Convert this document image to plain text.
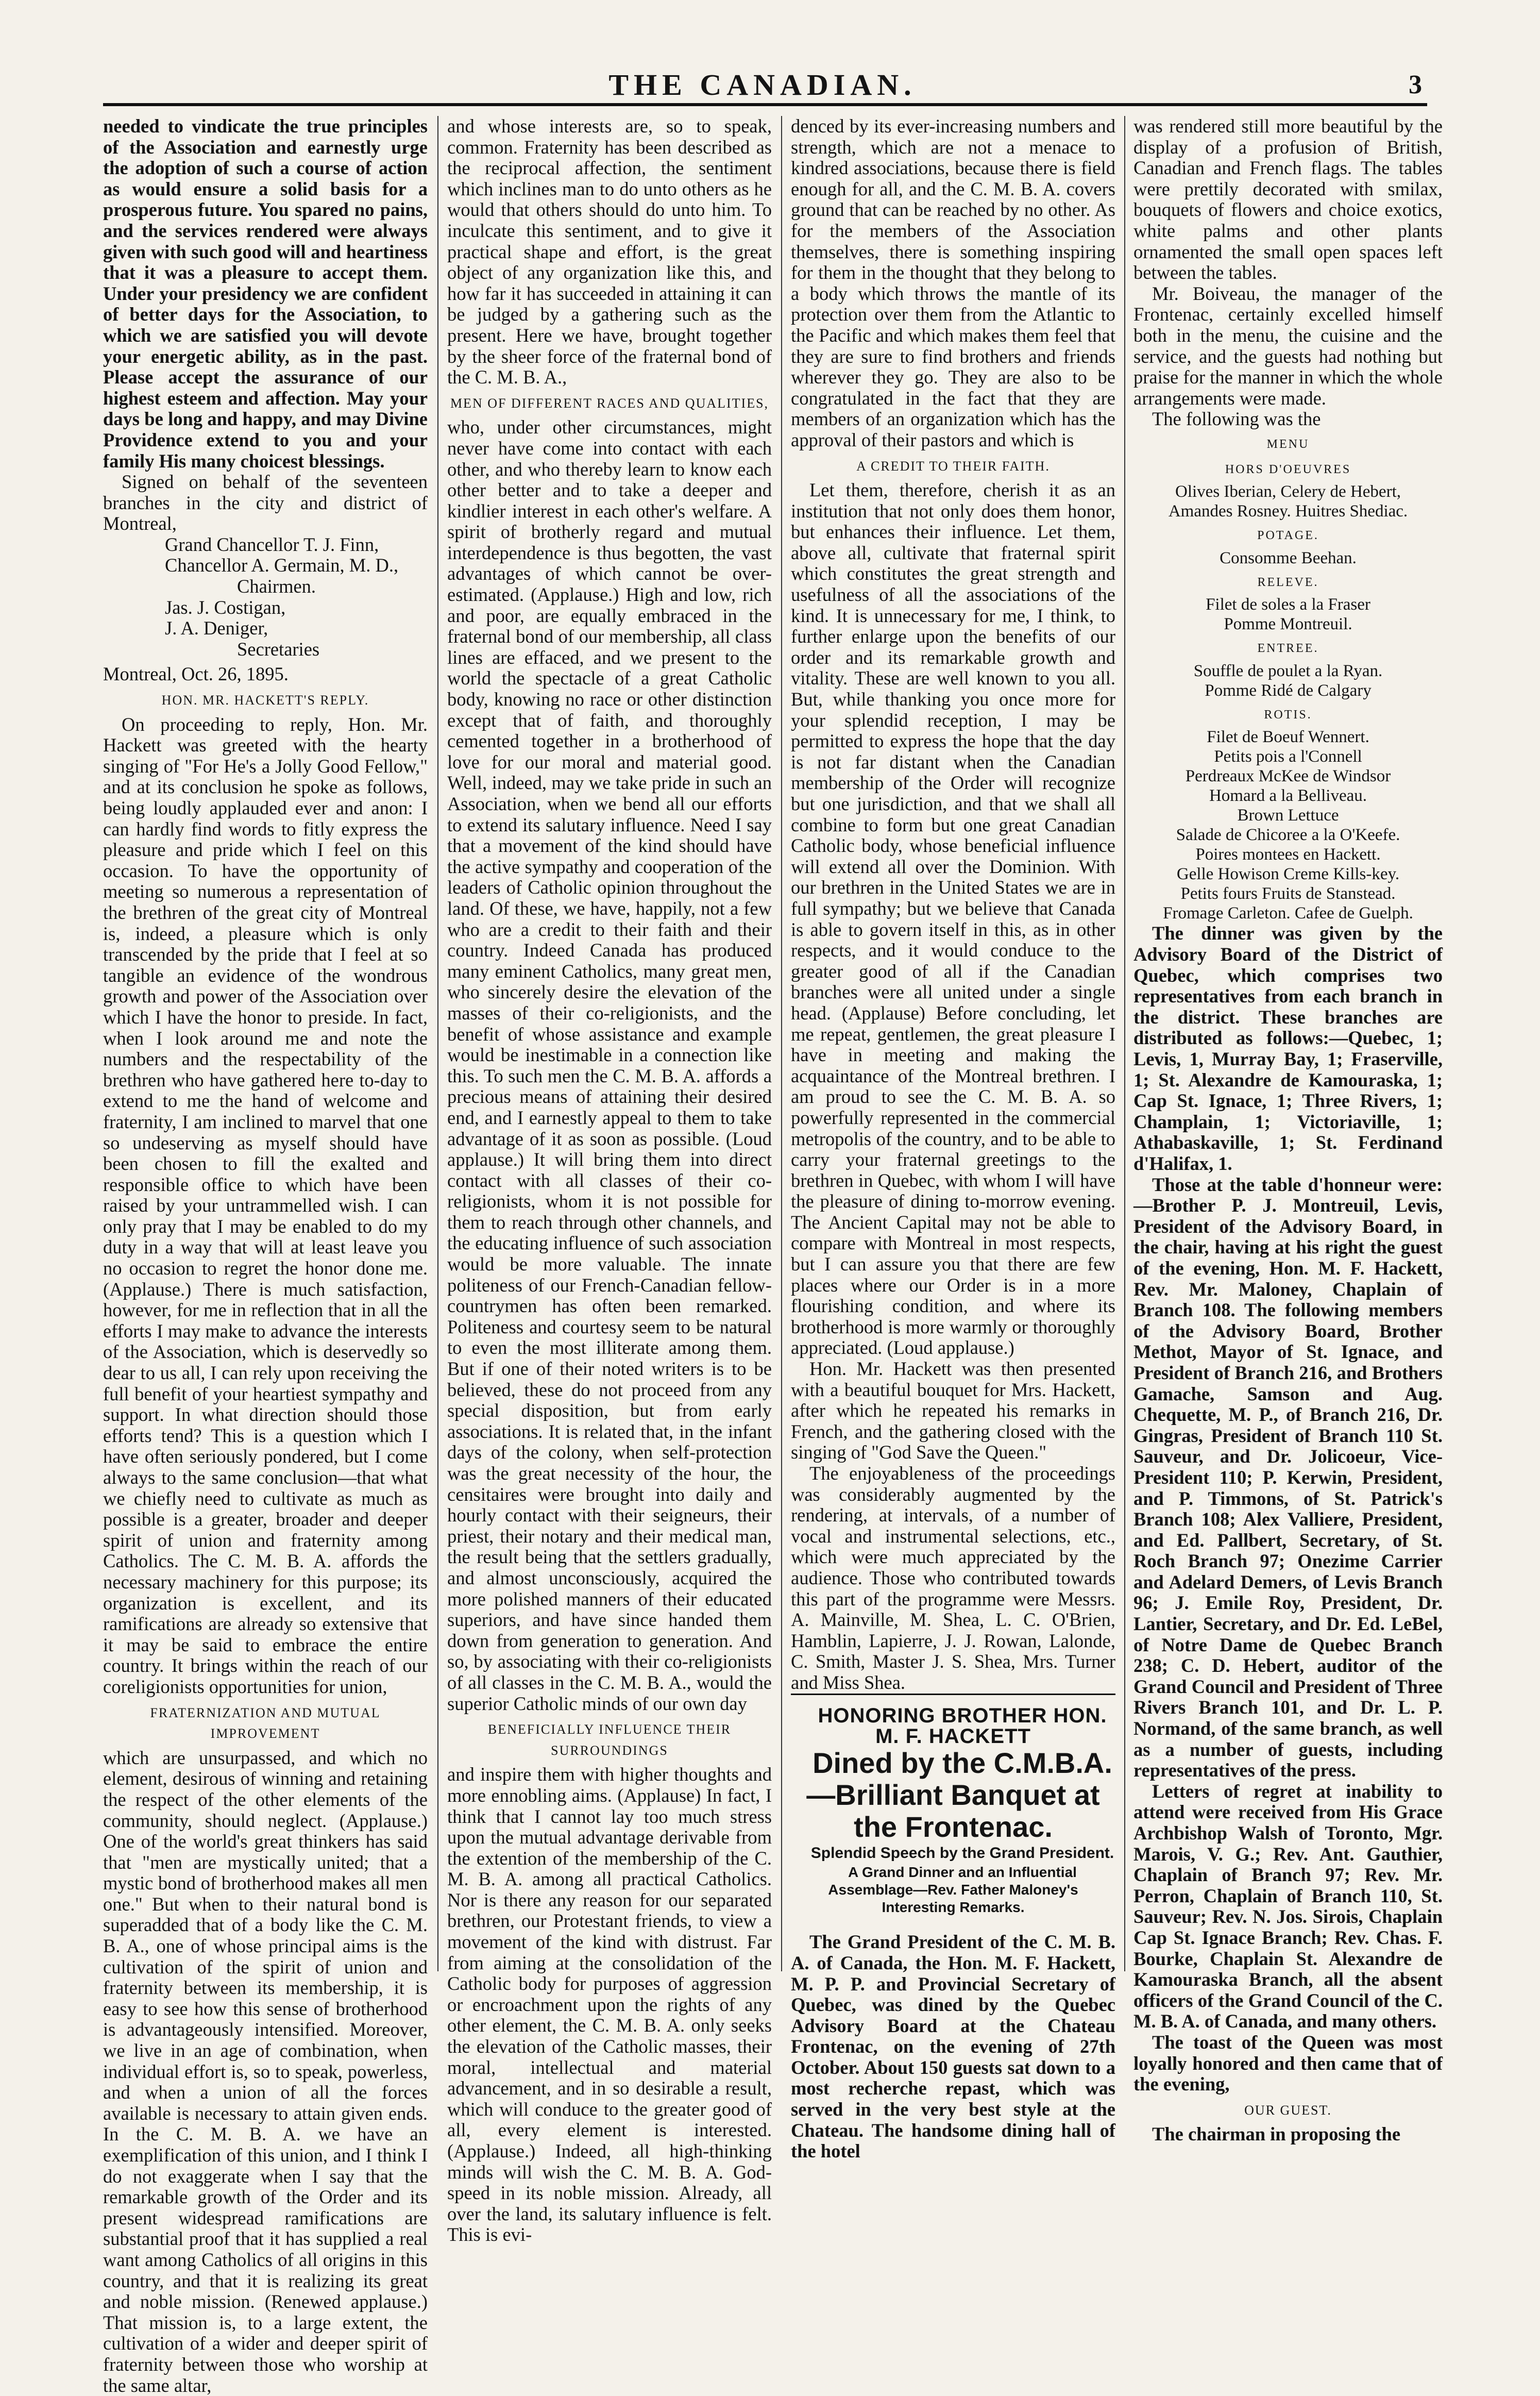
THE CANADIAN.	3

needed to vindicate the true principles of the Association and earnestly urge the adoption of such a course of action as would ensure a solid basis for a prosperous future. You spared no pains, and the services rendered were always given with such good will and heartiness that it was a pleasure to accept them. Under your presidency we are confident of better days for the Association, to which we are satisfied you will devote your energetic ability, as in the past. Please accept the assurance of our highest esteem and affection. May your days be long and happy, and may Divine Providence extend to you and your family His many choicest blessings.

Signed on behalf of the seventeen branches in the city and district of Montreal,

Grand Chancellor T. J. Finn,

Chancellor A. Germain, M. D.,

Chairmen.

Jas. J. Costigan,

J. A. Deniger,

Secretaries

Montreal, Oct. 26, 1895.

HON. MR. HACKETT'S REPLY.

On proceeding to reply, Hon. Mr. Hackett was greeted with the hearty singing of "For He's a Jolly Good Fellow," and at its conclusion he spoke as follows, being loudly applauded ever and anon: I can hardly find words to fitly express the pleasure and pride which I feel on this occasion. To have the opportunity of meeting so numerous a representation of the brethren of the great city of Montreal is, indeed, a pleasure which is only transcended by the pride that I feel at so tangible an evidence of the wondrous growth and power of the Association over which I have the honor to preside. In fact, when I look around me and note the numbers and the respectability of the brethren who have gathered here to-day to extend to me the hand of welcome and fraternity, I am inclined to marvel that one so undeserving as myself should have been chosen to fill the exalted and responsible office to which have been raised by your untrammelled wish. I can only pray that I may be enabled to do my duty in a way that will at least leave you no occasion to regret the honor done me. (Applause.) There is much satisfaction, however, for me in reflection that in all the efforts I may make to advance the interests of the Association, which is deservedly so dear to us all, I can rely upon receiving the full benefit of your heartiest sympathy and support. In what direction should those efforts tend? This is a question which I have often seriously pondered, but I come always to the same conclusion—that what we chiefly need to cultivate as much as possible is a greater, broader and deeper spirit of union and fraternity among Catholics. The C. M. B. A. affords the necessary machinery for this purpose; its organization is excellent, and its ramifications are already so extensive that it may be said to embrace the entire country. It brings within the reach of our coreligionists opportunities for union,

FRATERNIZATION AND MUTUAL IMPROVEMENT

which are unsurpassed, and which no element, desirous of winning and retaining the respect of the other elements of the community, should neglect. (Applause.) One of the world's great thinkers has said that "men are mystically united; that a mystic bond of brotherhood makes all men one." But when to their natural bond is superadded that of a body like the C. M. B. A., one of whose principal aims is the cultivation of the spirit of union and fraternity between its membership, it is easy to see how this sense of brotherhood is advantageously intensified. Moreover, we live in an age of combination, when individual effort is, so to speak, powerless, and when a union of all the forces available is necessary to attain given ends. In the C. M. B. A. we have an exemplification of this union, and I think I do not exaggerate when I say that the remarkable growth of the Order and its present widespread ramifications are substantial proof that it has supplied a real want among Catholics of all origins in this country, and that it is realizing its great and noble mission. (Renewed applause.) That mission is, to a large extent, the cultivation of a wider and deeper spirit of fraternity between those who worship at the same altar,

and whose interests are, so to speak, common. Fraternity has been described as the reciprocal affection, the sentiment which inclines man to do unto others as he would that others should do unto him. To inculcate this sentiment, and to give it practical shape and effort, is the great object of any organization like this, and how far it has succeeded in attaining it can be judged by a gathering such as the present. Here we have, brought together by the sheer force of the fraternal bond of the C. M. B. A.,

MEN OF DIFFERENT RACES AND QUALITIES,

who, under other circumstances, might never have come into contact with each other, and who thereby learn to know each other better and to take a deeper and kindlier interest in each other's welfare. A spirit of brotherly regard and mutual interdependence is thus begotten, the vast advantages of which cannot be over-estimated. (Applause.) High and low, rich and poor, are equally embraced in the fraternal bond of our membership, all class lines are effaced, and we present to the world the spectacle of a great Catholic body, knowing no race or other distinction except that of faith, and thoroughly cemented together in a brotherhood of love for our moral and material good. Well, indeed, may we take pride in such an Association, when we bend all our efforts to extend its salutary influence. Need I say that a movement of the kind should have the active sympathy and cooperation of the leaders of Catholic opinion throughout the land. Of these, we have, happily, not a few who are a credit to their faith and their country. Indeed Canada has produced many eminent Catholics, many great men, who sincerely desire the elevation of the masses of their co-religionists, and the benefit of whose assistance and example would be inestimable in a connection like this. To such men the C. M. B. A. affords a precious means of attaining their desired end, and I earnestly appeal to them to take advantage of it as soon as possible. (Loud applause.) It will bring them into direct contact with all classes of their co-religionists, whom it is not possible for them to reach through other channels, and the educating influence of such association would be more valuable. The innate politeness of our French-Canadian fellow-countrymen has often been remarked. Politeness and courtesy seem to be natural to even the most illiterate among them. But if one of their noted writers is to be believed, these do not proceed from any special disposition, but from early associations. It is related that, in the infant days of the colony, when self-protection was the great necessity of the hour, the censitaires were brought into daily and hourly contact with their seigneurs, their priest, their notary and their medical man, the result being that the settlers gradually, and almost unconsciously, acquired the more polished manners of their educated superiors, and have since handed them down from generation to generation. And so, by associating with their co-religionists of all classes in the C. M. B. A., would the superior Catholic minds of our own day

BENEFICIALLY INFLUENCE THEIR SURROUNDINGS

and inspire them with higher thoughts and more ennobling aims. (Applause) In fact, I think that I cannot lay too much stress upon the mutual advantage derivable from the extention of the membership of the C. M. B. A. among all practical Catholics. Nor is there any reason for our separated brethren, our Protestant friends, to view a movement of the kind with distrust. Far from aiming at the consolidation of the Catholic body for purposes of aggression or encroachment upon the rights of any other element, the C. M. B. A. only seeks the elevation of the Catholic masses, their moral, intellectual and material advancement, and in so desirable a result, which will conduce to the greater good of all, every element is interested. (Applause.) Indeed, all high-thinking minds will wish the C. M. B. A. God-speed in its noble mission. Already, all over the land, its salutary influence is felt. This is evi-

denced by its ever-increasing numbers and strength, which are not a menace to kindred associations, because there is field enough for all, and the C. M. B. A. covers ground that can be reached by no other. As for the members of the Association themselves, there is something inspiring for them in the thought that they belong to a body which throws the mantle of its protection over them from the Atlantic to the Pacific and which makes them feel that they are sure to find brothers and friends wherever they go. They are also to be congratulated in the fact that they are members of an organization which has the approval of their pastors and which is

A CREDIT TO THEIR FAITH.

Let them, therefore, cherish it as an institution that not only does them honor, but enhances their influence. Let them, above all, cultivate that fraternal spirit which constitutes the great strength and usefulness of all the associations of the kind. It is unnecessary for me, I think, to further enlarge upon the benefits of our order and its remarkable growth and vitality. These are well known to you all. But, while thanking you once more for your splendid reception, I may be permitted to express the hope that the day is not far distant when the Canadian membership of the Order will recognize but one jurisdiction, and that we shall all combine to form but one great Canadian Catholic body, whose beneficial influence will extend all over the Dominion. With our brethren in the United States we are in full sympathy; but we believe that Canada is able to govern itself in this, as in other respects, and it would conduce to the greater good of all if the Canadian branches were all united under a single head. (Applause) Before concluding, let me repeat, gentlemen, the great pleasure I have in meeting and making the acquaintance of the Montreal brethren. I am proud to see the C. M. B. A. so powerfully represented in the commercial metropolis of the country, and to be able to carry your fraternal greetings to the brethren in Quebec, with whom I will have the pleasure of dining to-morrow evening. The Ancient Capital may not be able to compare with Montreal in most respects, but I can assure you that there are few places where our Order is in a more flourishing condition, and where its brotherhood is more warmly or thoroughly appreciated. (Loud applause.)

Hon. Mr. Hackett was then presented with a beautiful bouquet for Mrs. Hackett, after which he repeated his remarks in French, and the gathering closed with the singing of "God Save the Queen."

The enjoyableness of the proceedings was considerably augmented by the rendering, at intervals, of a number of vocal and instrumental selections, etc., which were much appreciated by the audience. Those who contributed towards this part of the programme were Messrs. A. Mainville, M. Shea, L. C. O'Brien, Hamblin, Lapierre, J. J. Rowan, Lalonde, C. Smith, Master J. S. Shea, Mrs. Turner and Miss Shea.

HONORING BROTHER HON. M. F. HACKETT

Dined by the C.M.B.A.—Brilliant Banquet at the Frontenac.

Splendid Speech by the Grand President.

A Grand Dinner and an Influential Assemblage—Rev. Father Maloney's Interesting Remarks.

The Grand President of the C. M. B. A. of Canada, the Hon. M. F. Hackett, M. P. P. and Provincial Secretary of Quebec, was dined by the Quebec Advisory Board at the Chateau Frontenac, on the evening of 27th October. About 150 guests sat down to a most recherche repast, which was served in the very best style at the Chateau. The handsome dining hall of the hotel

was rendered still more beautiful by the display of a profusion of British, Canadian and French flags. The tables were prettily decorated with smilax, bouquets of flowers and choice exotics, white palms and other plants ornamented the small open spaces left between the tables.

Mr. Boiveau, the manager of the Frontenac, certainly excelled himself both in the menu, the cuisine and the service, and the guests had nothing but praise for the manner in which the whole arrangements were made.

The following was the

MENU
HORS D'OEUVRES
Olives Iberian, Celery de Hebert,
Amandes Rosney. Huitres Shediac.
POTAGE.
Consomme Beehan.
RELEVE.
Filet de soles a la Fraser
Pomme Montreuil.
ENTREE.
Souffle de poulet a la Ryan.
Pomme Ridé de Calgary
ROTIS.
Filet de Boeuf Wennert.
Petits pois a l'Connell
Perdreaux McKee de Windsor
Homard a la Belliveau.
Brown Lettuce
Salade de Chicoree a la O'Keefe.
Poires montees en Hackett.
Gelle Howison Creme Kills-key.
Petits fours Fruits de Stanstead.
Fromage Carleton. Cafee de Guelph.

The dinner was given by the Advisory Board of the District of Quebec, which comprises two representatives from each branch in the district. These branches are distributed as follows:—Quebec, 1; Levis, 1, Murray Bay, 1; Fraserville, 1; St. Alexandre de Kamouraska, 1; Cap St. Ignace, 1; Three Rivers, 1; Champlain, 1; Victoriaville, 1; Athabaskaville, 1; St. Ferdinand d'Halifax, 1.

Those at the table d'honneur were:—Brother P. J. Montreuil, Levis, President of the Advisory Board, in the chair, having at his right the guest of the evening, Hon. M. F. Hackett, Rev. Mr. Maloney, Chaplain of Branch 108. The following members of the Advisory Board, Brother Methot, Mayor of St. Ignace, and President of Branch 216, and Brothers Gamache, Samson and Aug. Chequette, M. P., of Branch 216, Dr. Gingras, President of Branch 110 St. Sauveur, and Dr. Jolicoeur, Vice-President 110; P. Kerwin, President, and P. Timmons, of St. Patrick's Branch 108; Alex Valliere, President, and Ed. Pallbert, Secretary, of St. Roch Branch 97; Onezime Carrier and Adelard Demers, of Levis Branch 96; J. Emile Roy, President, Dr. Lantier, Secretary, and Dr. Ed. LeBel, of Notre Dame de Quebec Branch 238; C. D. Hebert, auditor of the Grand Council and President of Three Rivers Branch 101, and Dr. L. P. Normand, of the same branch, as well as a number of guests, including representatives of the press.

Letters of regret at inability to attend were received from His Grace Archbishop Walsh of Toronto, Mgr. Marois, V. G.; Rev. Ant. Gauthier, Chaplain of Branch 97; Rev. Mr. Perron, Chaplain of Branch 110, St. Sauveur; Rev. N. Jos. Sirois, Chaplain Cap St. Ignace Branch; Rev. Chas. F. Bourke, Chaplain St. Alexandre de Kamouraska Branch, all the absent officers of the Grand Council of the C. M. B. A. of Canada, and many others.

The toast of the Queen was most loyally honored and then came that of the evening,

OUR GUEST.

The chairman in proposing the
